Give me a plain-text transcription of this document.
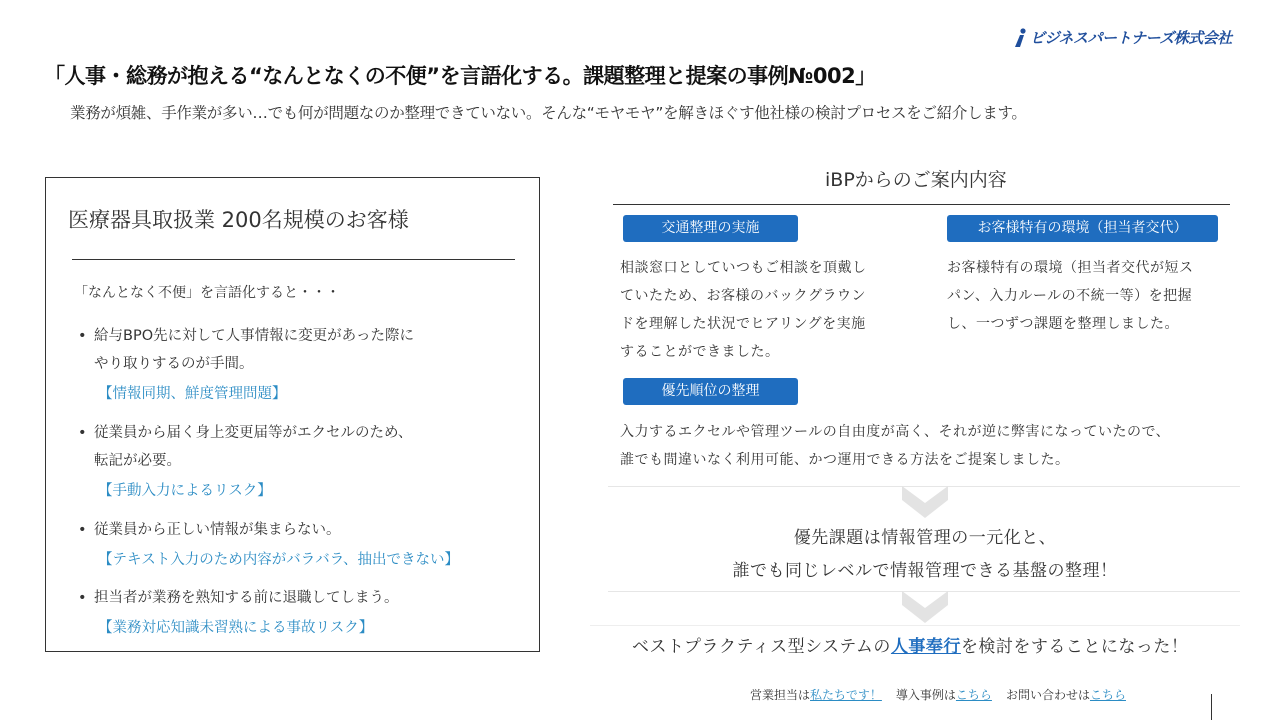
ビジネスパートナーズ株式会社
「人事・総務が抱える“なんとなくの不便”を言語化する。課題整理と提案の事例№002」
業務が煩雑、手作業が多い…でも何が問題なのか整理できていない。そんな“モヤモヤ”を解きほぐす他社様の検討プロセスをご紹介します。
医療器具取扱業 200名規模のお客様
「なんとなく不便」を言語化すると・・・
• 給与BPO先に対して人事情報に変更があった際に
やり取りするのが手間。
【情報同期、鮮度管理問題】
• 従業員から届く身上変更届等がエクセルのため、
転記が必要。
【手動入力によるリスク】
• 従業員から正しい情報が集まらない。
【テキスト入力のため内容がバラバラ、抽出できない】
• 担当者が業務を熟知する前に退職してしまう。
【業務対応知識未習熟による事故リスク】
iBPからのご案内内容
交通整理の実施	お客様特有の環境（担当者交代）
相談窓口としていつもご相談を頂戴し
ていたため、お客様のバックグラウン
ドを理解した状況でヒアリングを実施
することができました。
お客様特有の環境（担当者交代が短ス
パン、入力ルールの不統一等）を把握
し、一つずつ課題を整理しました。
優先順位の整理
入力するエクセルや管理ツールの自由度が高く、それが逆に弊害になっていたので、
誰でも間違いなく利用可能、かつ運用できる方法をご提案しました。
優先課題は情報管理の一元化と、
誰でも同じレベルで情報管理できる基盤の整理！
ベストプラクティス型システムの人事奉行を検討をすることになった！
営業担当は私たちです！ 導入事例はこちら お問い合わせはこちら
